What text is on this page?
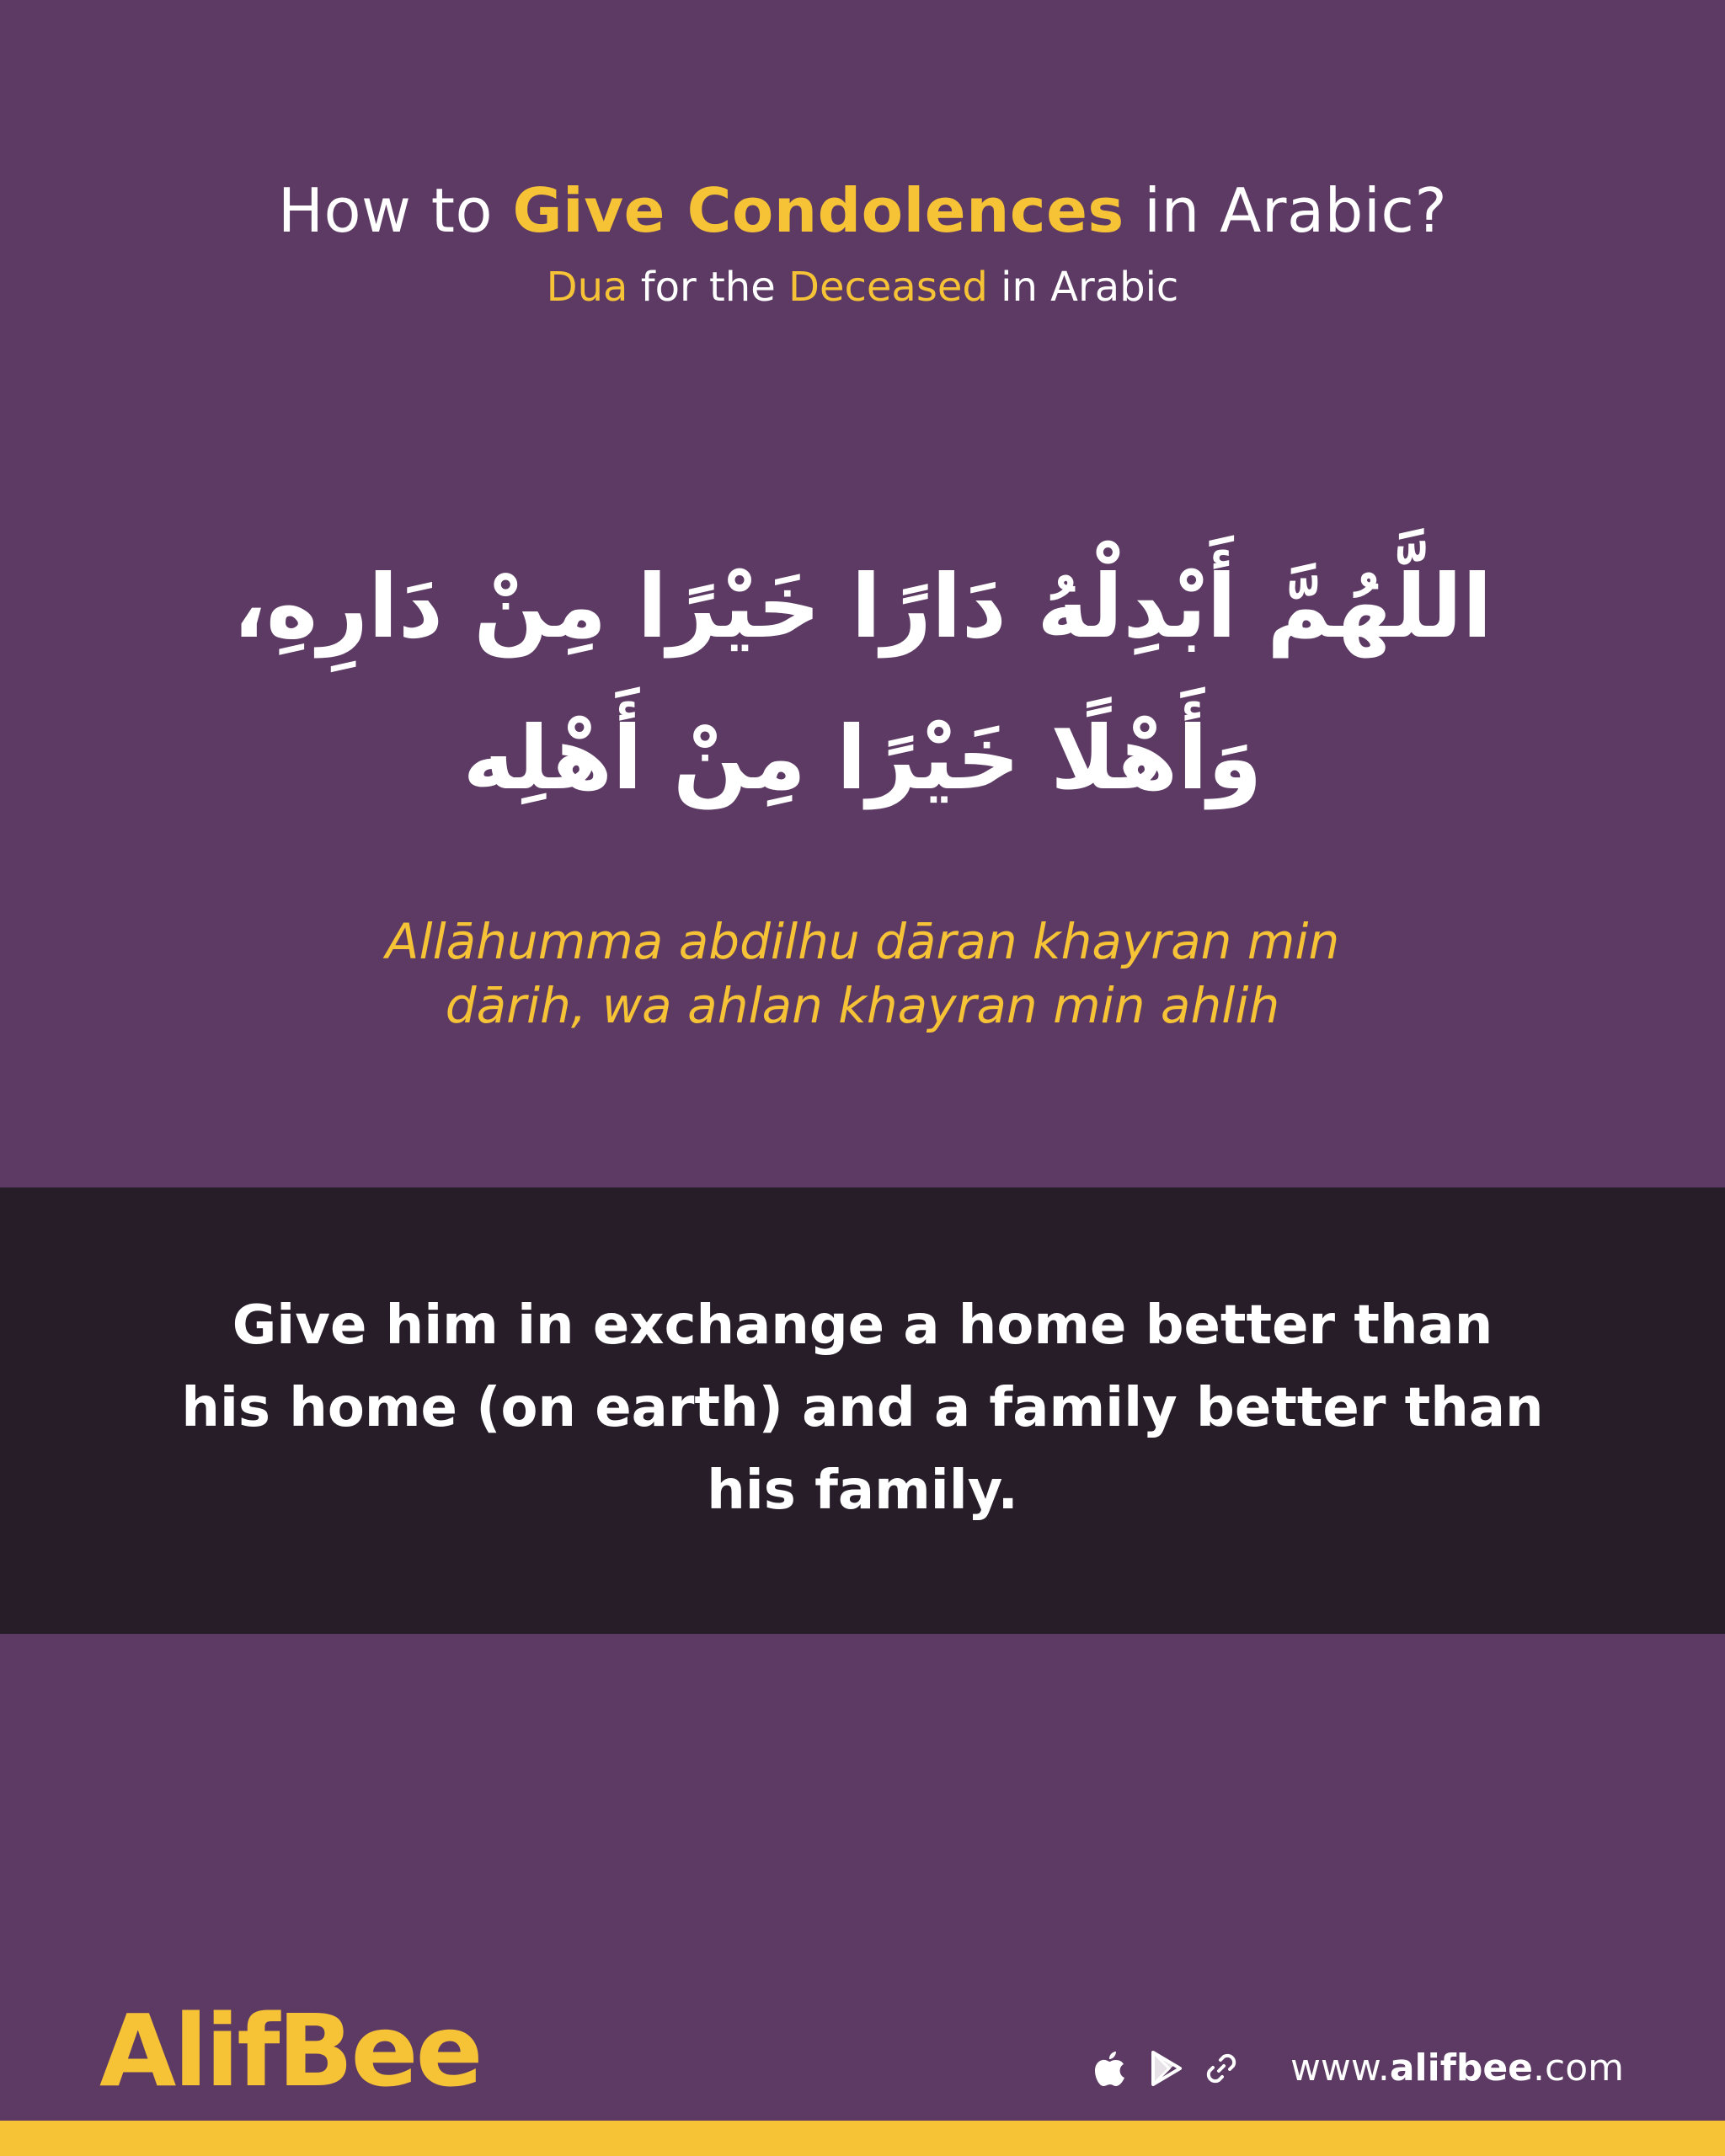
How to Give Condolences in Arabic?
Dua for the Deceased in Arabic
اللَّهُمَّ أَبْدِلْهُ دَارًا خَيْرًا مِنْ دَارِهِ،
وَأَهْلًا خَيْرًا مِنْ أَهْلِه
Allāhumma abdilhu dāran khayran min
dārih, wa ahlan khayran min ahlih
Give him in exchange a home better than
his home (on earth) and a family better than
his family.
AlifBee	www.alifbee.com
